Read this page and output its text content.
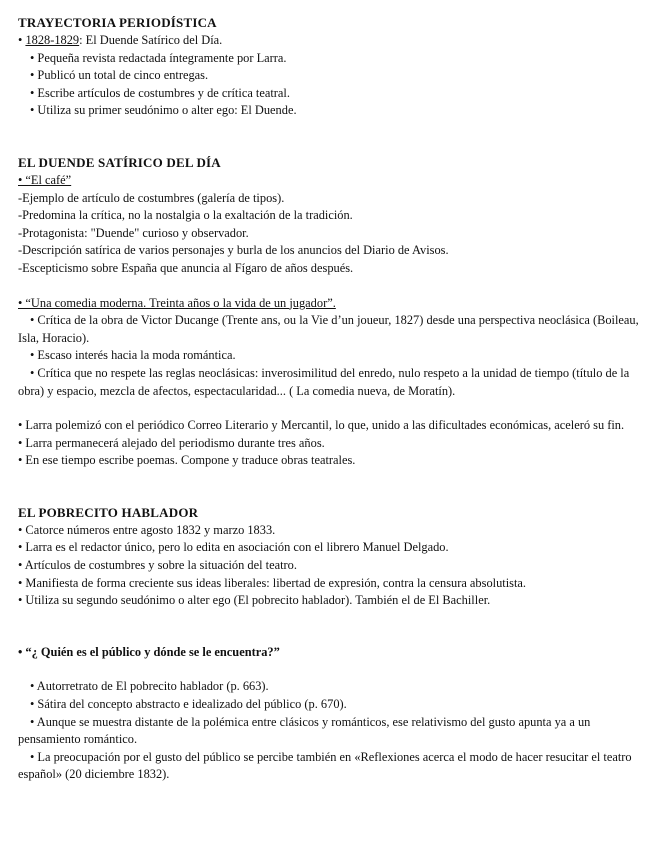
TRAYECTORIA PERIODÍSTICA
• 1828-1829: El Duende Satírico del Día.
• Pequeña revista redactada íntegramente por Larra.
• Publicó un total de cinco entregas.
• Escribe artículos de costumbres y de crítica teatral.
• Utiliza su primer seudónimo o alter ego: El Duende.
EL DUENDE SATÍRICO DEL DÍA
• “El café”
-Ejemplo de artículo de costumbres (galería de tipos).
-Predomina la crítica, no la nostalgia o la exaltación de la tradición.
-Protagonista: "Duende" curioso y observador.
-Descripción satírica de varios personajes y burla de los anuncios del Diario de Avisos.
-Escepticismo sobre España que anuncia al Fígaro de años después.
• “Una comedia moderna. Treinta años o la vida de un jugador”.
• Crítica de la obra de Victor Ducange (Trente ans, ou la Vie d’un joueur, 1827) desde una perspectiva neoclásica (Boileau, Isla, Horacio).
• Escaso interés hacia la moda romántica.
• Crítica que no respete las reglas neoclásicas: inverosimilitud del enredo, nulo respeto a la unidad de tiempo (título de la obra) y espacio, mezcla de afectos, espectacularidad... ( La comedia nueva, de Moratín).
• Larra polemizó con el periódico Correo Literario y Mercantil, lo que, unido a las dificultades económicas, aceleró su fin.
• Larra permanecerá alejado del periodismo durante tres años.
• En ese tiempo escribe poemas. Compone y traduce obras teatrales.
EL POBRECITO HABLADOR
• Catorce números entre agosto 1832 y marzo 1833.
• Larra es el redactor único, pero lo edita en asociación con el librero Manuel Delgado.
• Artículos de costumbres y sobre la situación del teatro.
• Manifiesta de forma creciente sus ideas liberales: libertad de expresión, contra la censura absolutista.
• Utiliza su segundo seudónimo o alter ego (El pobrecito hablador). También el de El Bachiller.
• “¿ Quién es el público y dónde se le encuentra?”
• Autorretrato de El pobrecito hablador (p. 663).
• Sátira del concepto abstracto e idealizado del público (p. 670).
• Aunque se muestra distante de la polémica entre clásicos y románticos, ese relativismo del gusto apunta ya a un pensamiento romántico.
• La preocupación por el gusto del público se percibe también en «Reflexiones acerca el modo de hacer resucitar el teatro español» (20 diciembre 1832).
